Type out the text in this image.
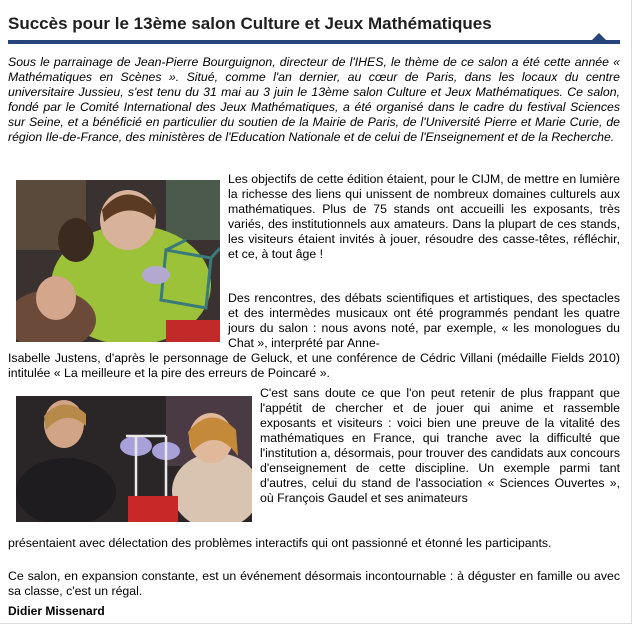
Succès pour le 13ème salon Culture et Jeux Mathématiques
Sous le parrainage de Jean-Pierre Bourguignon, directeur de l'IHES, le thème de ce salon a été cette année « Mathématiques en Scènes ». Situé, comme l'an dernier, au cœur de Paris, dans les locaux du centre universitaire Jussieu, s'est tenu du 31 mai au 3 juin le 13ème salon Culture et Jeux Mathématiques. Ce salon, fondé par le Comité International des Jeux Mathématiques, a été organisé dans le cadre du festival Sciences sur Seine, et a bénéficié en particulier du soutien de la Mairie de Paris, de l'Université Pierre et Marie Curie, de région Ile-de-France, des ministères de l'Education Nationale et de celui de l'Enseignement et de la Recherche.
Les objectifs de cette édition étaient, pour le CIJM, de mettre en lumière la richesse des liens qui unissent de nombreux domaines culturels aux mathématiques. Plus de 75 stands ont accueilli les exposants, très variés, des institutionnels aux amateurs. Dans la plupart de ces stands, les visiteurs étaient invités à jouer, résoudre des casse-têtes, réfléchir, et ce, à tout âge !
Des rencontres, des débats scientifiques et artistiques, des spectacles et des intermèdes musicaux ont été programmés pendant les quatre jours du salon : nous avons noté, par exemple, « les monologues du Chat », interprété par Anne-
Isabelle Justens, d'après le personnage de Geluck, et une conférence de Cédric Villani (médaille Fields 2010) intitulée « La meilleure et la pire des erreurs de Poincaré ».
C'est sans doute ce que l'on peut retenir de plus frappant que l'appétit de chercher et de jouer qui anime et rassemble exposants et visiteurs : voici bien une preuve de la vitalité des mathématiques en France, qui tranche avec la difficulté que l'institution a, désormais, pour trouver des candidats aux concours d'enseignement de cette discipline. Un exemple parmi tant d'autres, celui du stand de l'association « Sciences Ouvertes », où François Gaudel et ses animateurs
présentaient avec délectation des problèmes interactifs qui ont passionné et étonné les participants.
Ce salon, en expansion constante, est un événement désormais incontournable : à déguster en famille ou avec sa classe, c'est un régal.
Didier Missenard
